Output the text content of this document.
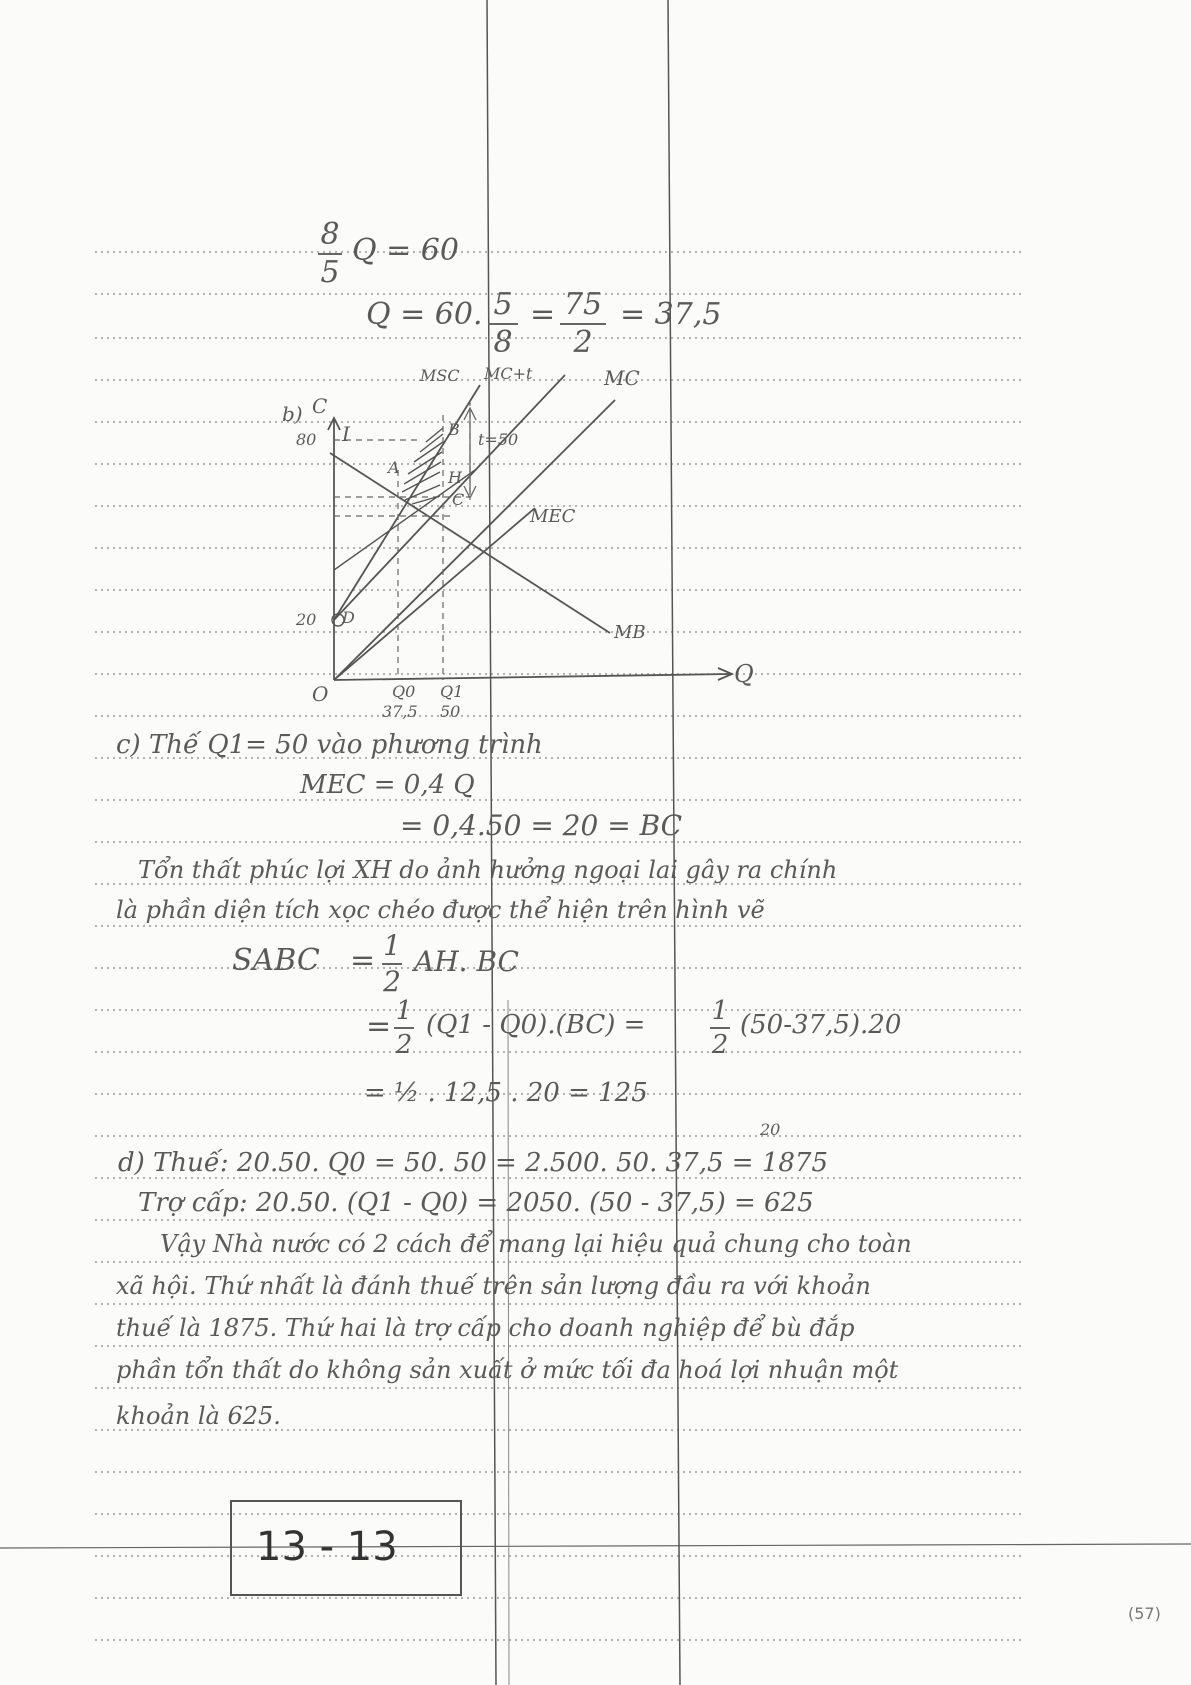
8
5
Q = 60
Q = 60. 5
8
= 75
2
= 37,5
b) C
80
20
O
Q
I
A
B
C
H
D
t=50
MSC MC+t	MC
MEC
MB
Q0
37,5
Q1
50
c) Thế Q1= 50 vào phương trình
MEC = 0,4 Q
= 0,4.50 = 20 = BC
Tổn thất phúc lợi XH do ảnh hưởng ngoại lai gây ra chính
là phần diện tích xọc chéo được thể hiện trên hình vẽ
SABC = 1
2
AH. BC
= 1
2
(Q1 - Q0).(BC) =	1
2
(50-37,5).20
= ½ . 12,5 . 20 = 125
20
d) Thuế: 20.50. Q0 = 50. 50 = 2.500. 50. 37,5 = 1875
Trợ cấp: 20.50. (Q1 - Q0) = 2050. (50 - 37,5) = 625
Vậy Nhà nước có 2 cách để mang lại hiệu quả chung cho toàn
xã hội. Thứ nhất là đánh thuế trên sản lượng đầu ra với khoản
thuế là 1875. Thứ hai là trợ cấp cho doanh nghiệp để bù đắp
phần tổn thất do không sản xuất ở mức tối đa hoá lợi nhuận một
khoản là 625.
13 - 13
(57)
